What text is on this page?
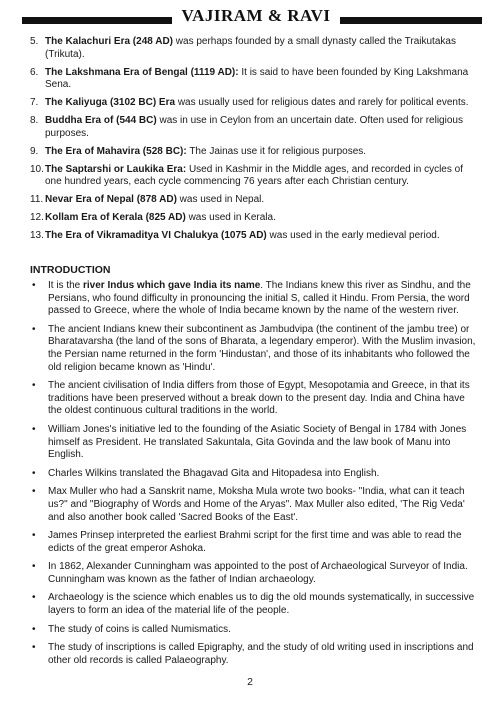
VAJIRAM & RAVI
5. The Kalachuri Era (248 AD) was perhaps founded by a small dynasty called the Traikutakas (Trikuta).
6. The Lakshmana Era of Bengal (1119 AD): It is said to have been founded by King Lakshmana Sena.
7. The Kaliyuga (3102 BC) Era was usually used for religious dates and rarely for political events.
8. Buddha Era of (544 BC) was in use in Ceylon from an uncertain date. Often used for religious purposes.
9. The Era of Mahavira (528 BC): The Jainas use it for religious purposes.
10. The Saptarshi or Laukika Era: Used in Kashmir in the Middle ages, and recorded in cycles of one hundred years, each cycle commencing 76 years after each Christian century.
11. Nevar Era of Nepal (878 AD) was used in Nepal.
12. Kollam Era of Kerala (825 AD) was used in Kerala.
13. The Era of Vikramaditya VI Chalukya (1075 AD) was used in the early medieval period.
INTRODUCTION
• It is the river Indus which gave India its name. The Indians knew this river as Sindhu, and the Persians, who found difficulty in pronouncing the initial S, called it Hindu. From Persia, the word passed to Greece, where the whole of India became known by the name of the western river.
• The ancient Indians knew their subcontinent as Jambudvipa (the continent of the jambu tree) or Bharatavarsha (the land of the sons of Bharata, a legendary emperor). With the Muslim invasion, the Persian name returned in the form 'Hindustan', and those of its inhabitants who followed the old religion became known as 'Hindu'.
• The ancient civilisation of India differs from those of Egypt, Mesopotamia and Greece, in that its traditions have been preserved without a break down to the present day. India and China have the oldest continuous cultural traditions in the world.
• William Jones's initiative led to the founding of the Asiatic Society of Bengal in 1784 with Jones himself as President. He translated Sakuntala, Gita Govinda and the law book of Manu into English.
• Charles Wilkins translated the Bhagavad Gita and Hitopadesa into English.
• Max Muller who had a Sanskrit name, Moksha Mula wrote two books- "India, what can it teach us?" and "Biography of Words and Home of the Aryas". Max Muller also edited, 'The Rig Veda' and also another book called 'Sacred Books of the East'.
• James Prinsep interpreted the earliest Brahmi script for the first time and was able to read the edicts of the great emperor Ashoka.
• In 1862, Alexander Cunningham was appointed to the post of Archaeological Surveyor of India. Cunningham was known as the father of Indian archaeology.
• Archaeology is the science which enables us to dig the old mounds systematically, in successive layers to form an idea of the material life of the people.
• The study of coins is called Numismatics.
• The study of inscriptions is called Epigraphy, and the study of old writing used in inscriptions and other old records is called Palaeography.
2
